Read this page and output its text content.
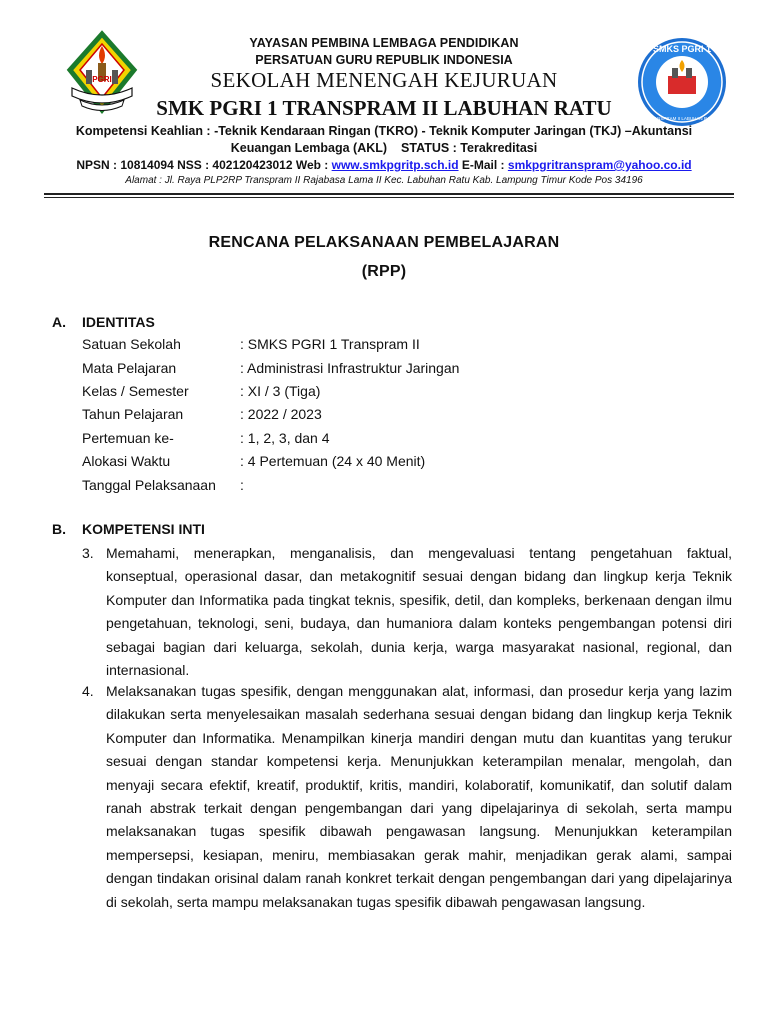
PGRI
SMKS PGRI 1
TRANSPRAM II LABUHAN RATU
YAYASAN PEMBINA LEMBAGA PENDIDIKAN
PERSATUAN GURU REPUBLIK INDONESIA
SEKOLAH MENENGAH KEJURUAN
SMK PGRI 1 TRANSPRAM II LABUHAN RATU
Kompetensi Keahlian : -Teknik Kendaraan Ringan (TKRO) - Teknik Komputer Jaringan (TKJ) –Akuntansi
Keuangan Lembaga (AKL) STATUS : Terakreditasi
NPSN : 10814094 NSS : 402120423012 Web : www.smkpgritp.sch.id E-Mail : smkpgritranspram@yahoo.co.id
Alamat : Jl. Raya PLP2RP Transpram II Rajabasa Lama II Kec. Labuhan Ratu Kab. Lampung Timur Kode Pos 34196
RENCANA PELAKSANAAN PEMBELAJARAN
(RPP)
A. IDENTITAS
Satuan Sekolah	: SMKS PGRI 1 Transpram II
Mata Pelajaran	: Administrasi Infrastruktur Jaringan
Kelas / Semester	: XI / 3 (Tiga)
Tahun Pelajaran	: 2022 / 2023
Pertemuan ke-	: 1, 2, 3, dan 4
Alokasi Waktu	: 4 Pertemuan (24 x 40 Menit)
Tanggal Pelaksanaan :
B. KOMPETENSI INTI
3. Memahami, menerapkan, menganalisis, dan mengevaluasi tentang pengetahuan faktual, konseptual, operasional dasar, dan metakognitif sesuai dengan bidang dan lingkup kerja Teknik Komputer dan Informatika pada tingkat teknis, spesifik, detil, dan kompleks, berkenaan dengan ilmu pengetahuan, teknologi, seni, budaya, dan humaniora dalam konteks pengembangan potensi diri sebagai bagian dari keluarga, sekolah, dunia kerja, warga masyarakat nasional, regional, dan internasional.
4. Melaksanakan tugas spesifik, dengan menggunakan alat, informasi, dan prosedur kerja yang lazim dilakukan serta menyelesaikan masalah sederhana sesuai dengan bidang dan lingkup kerja Teknik Komputer dan Informatika. Menampilkan kinerja mandiri dengan mutu dan kuantitas yang terukur sesuai dengan standar kompetensi kerja. Menunjukkan keterampilan menalar, mengolah, dan menyaji secara efektif, kreatif, produktif, kritis, mandiri, kolaboratif, komunikatif, dan solutif dalam ranah abstrak terkait dengan pengembangan dari yang dipelajarinya di sekolah, serta mampu melaksanakan tugas spesifik dibawah pengawasan langsung. Menunjukkan keterampilan mempersepsi, kesiapan, meniru, membiasakan gerak mahir, menjadikan gerak alami, sampai dengan tindakan orisinal dalam ranah konkret terkait dengan pengembangan dari yang dipelajarinya di sekolah, serta mampu melaksanakan tugas spesifik dibawah pengawasan langsung.
